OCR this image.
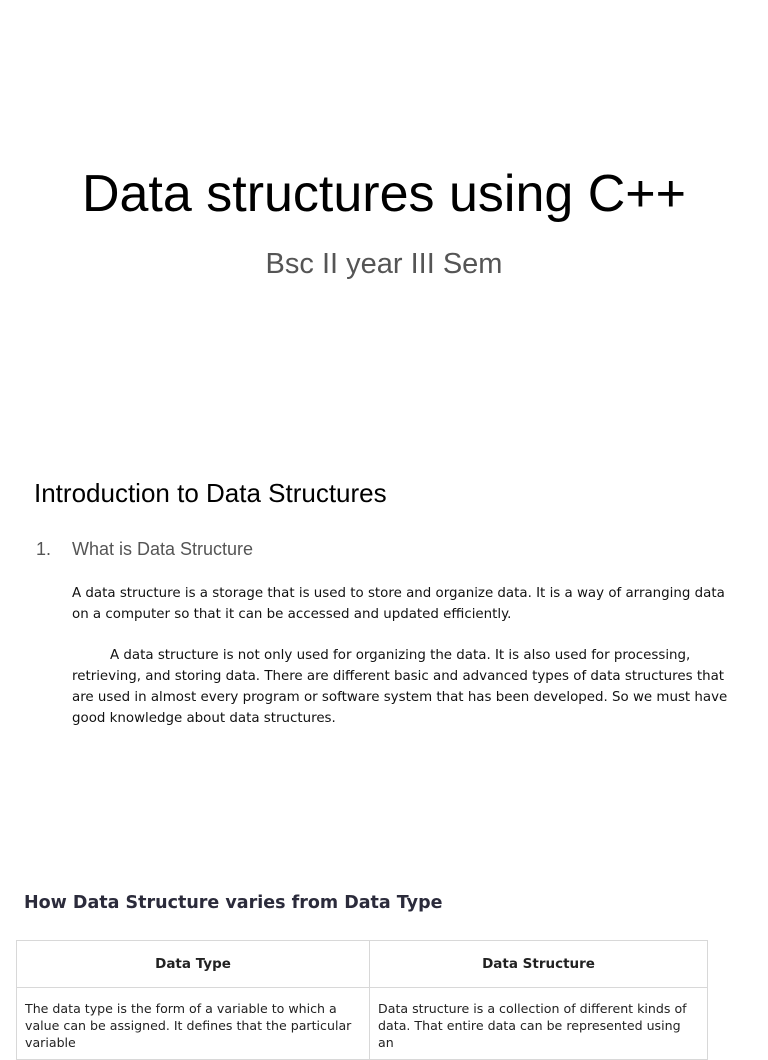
Data structures using C++
Bsc II year III Sem
Introduction to Data Structures
1.	What is Data Structure

A data structure is a storage that is used to store and organize data. It is a way of arranging data on a computer so that it can be accessed and updated efficiently.

A data structure is not only used for organizing the data. It is also used for processing, retrieving, and storing data. There are different basic and advanced types of data structures that are used in almost every program or software system that has been developed. So we must have good knowledge about data structures.

How Data Structure varies from Data Type
Data Type	Data Structure
The data type is the form of a variable to which a value can be assigned. It defines that the particular variable	Data structure is a collection of different kinds of data. That entire data can be represented using an
